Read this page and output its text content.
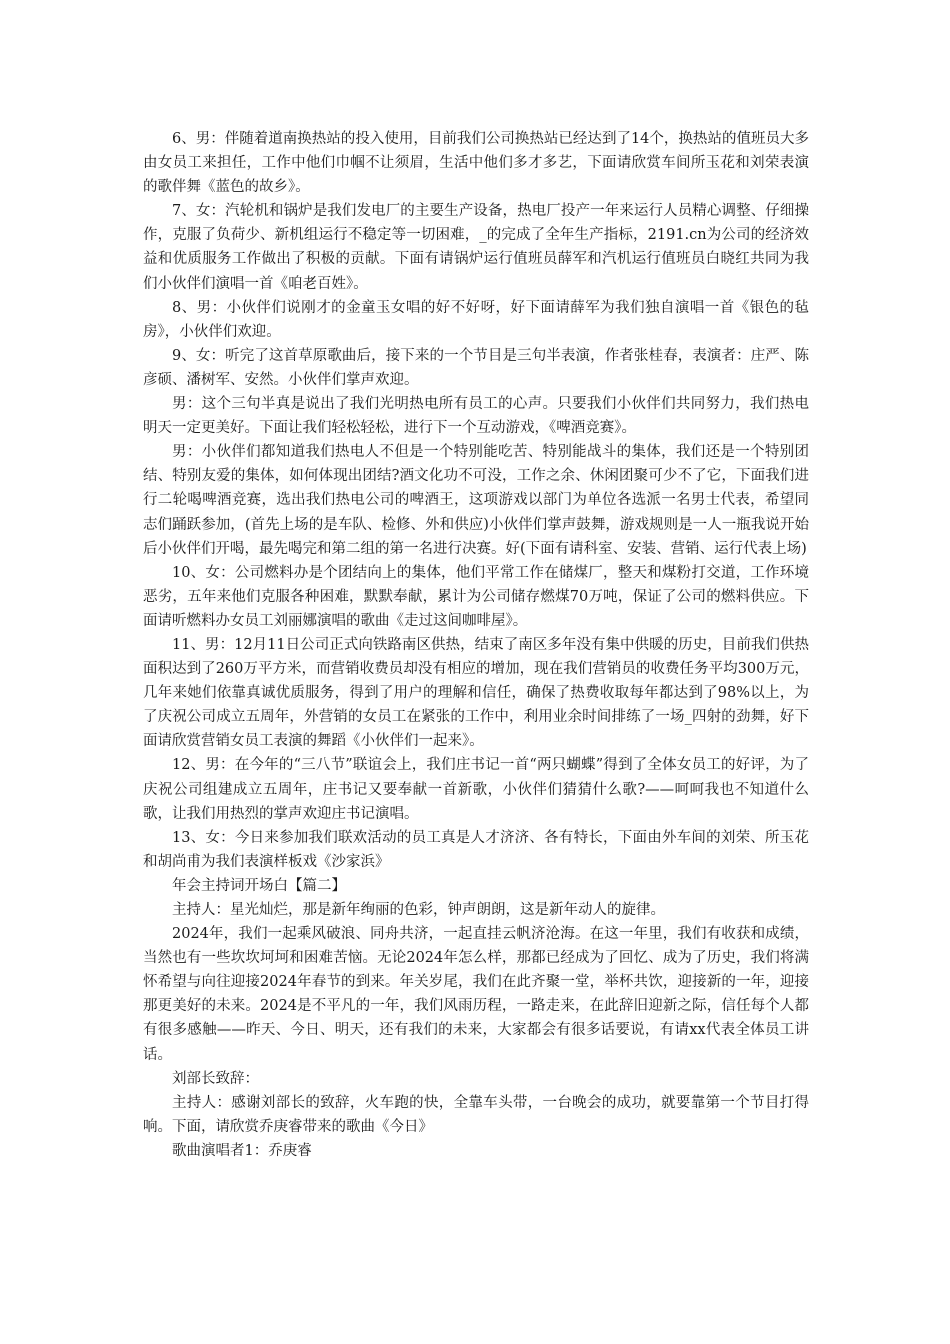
6、男：伴随着道南换热站的投入使用，目前我们公司换热站已经达到了14个，换热站的值班员大多由女员工来担任，工作中他们巾帼不让须眉，生活中他们多才多艺，下面请欣赏车间所玉花和刘荣表演的歌伴舞《蓝色的故乡》。

7、女：汽轮机和锅炉是我们发电厂的主要生产设备，热电厂投产一年来运行人员精心调整、仔细操作，克服了负荷少、新机组运行不稳定等一切困难，_的完成了全年生产指标，2191.cn为公司的经济效益和优质服务工作做出了积极的贡献。下面有请锅炉运行值班员薛军和汽机运行值班员白晓红共同为我们小伙伴们演唱一首《咱老百姓》。

8、男：小伙伴们说刚才的金童玉女唱的好不好呀，好下面请薛军为我们独自演唱一首《银色的毡房》，小伙伴们欢迎。

9、女：听完了这首草原歌曲后，接下来的一个节目是三句半表演，作者张桂春，表演者：庄严、陈彦硕、潘树军、安然。小伙伴们掌声欢迎。

男：这个三句半真是说出了我们光明热电所有员工的心声。只要我们小伙伴们共同努力，我们热电明天一定更美好。下面让我们轻松轻松，进行下一个互动游戏，《啤酒竞赛》。

男：小伙伴们都知道我们热电人不但是一个特别能吃苦、特别能战斗的集体，我们还是一个特别团结、特别友爱的集体，如何体现出团结?酒文化功不可没，工作之余、休闲团聚可少不了它，下面我们进行二轮喝啤酒竞赛，选出我们热电公司的啤酒王，这项游戏以部门为单位各选派一名男士代表，希望同志们踊跃参加，(首先上场的是车队、检修、外和供应)小伙伴们掌声鼓舞，游戏规则是一人一瓶我说开始后小伙伴们开喝，最先喝完和第二组的第一名进行决赛。好(下面有请科室、安装、营销、运行代表上场)

10、女：公司燃料办是个团结向上的集体，他们平常工作在储煤厂，整天和煤粉打交道，工作环境恶劣，五年来他们克服各种困难，默默奉献，累计为公司储存燃煤70万吨，保证了公司的燃料供应。下面请听燃料办女员工刘丽娜演唱的歌曲《走过这间咖啡屋》。

11、男：12月11日公司正式向铁路南区供热，结束了南区多年没有集中供暖的历史，目前我们供热面积达到了260万平方米，而营销收费员却没有相应的增加，现在我们营销员的收费任务平均300万元，几年来她们依靠真诚优质服务，得到了用户的理解和信任，确保了热费收取每年都达到了98%以上，为了庆祝公司成立五周年，外营销的女员工在紧张的工作中，利用业余时间排练了一场_四射的劲舞，好下面请欣赏营销女员工表演的舞蹈《小伙伴们一起来》。

12、男：在今年的“三八节”联谊会上，我们庄书记一首“两只蝴蝶”得到了全体女员工的好评，为了庆祝公司组建成立五周年，庄书记又要奉献一首新歌，小伙伴们猜猜什么歌?——呵呵我也不知道什么歌，让我们用热烈的掌声欢迎庄书记演唱。

13、女：今日来参加我们联欢活动的员工真是人才济济、各有特长，下面由外车间的刘荣、所玉花和胡尚甫为我们表演样板戏《沙家浜》

年会主持词开场白【篇二】

主持人：星光灿烂，那是新年绚丽的色彩，钟声朗朗，这是新年动人的旋律。

2024年，我们一起乘风破浪、同舟共济，一起直挂云帆济沧海。在这一年里，我们有收获和成绩，当然也有一些坎坎坷坷和困难苦恼。无论2024年怎么样，那都已经成为了回忆、成为了历史，我们将满怀希望与向往迎接2024年春节的到来。年关岁尾，我们在此齐聚一堂，举杯共饮，迎接新的一年，迎接那更美好的未来。2024是不平凡的一年，我们风雨历程，一路走来，在此辞旧迎新之际，信任每个人都有很多感触——昨天、今日、明天，还有我们的未来，大家都会有很多话要说，有请xx代表全体员工讲话。

刘部长致辞：

主持人：感谢刘部长的致辞，火车跑的快，全靠车头带，一台晚会的成功，就要靠第一个节目打得响。下面，请欣赏乔庚睿带来的歌曲《今日》

歌曲演唱者1：乔庚睿
